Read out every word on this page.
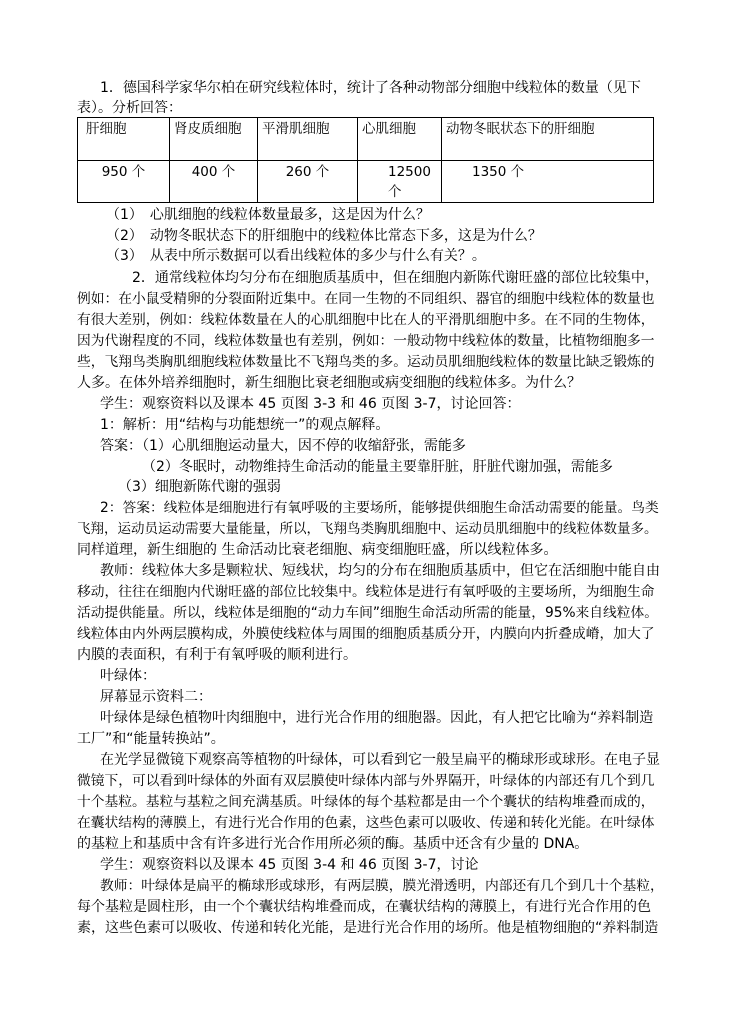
1．德国科学家华尔柏在研究线粒体时，统计了各种动物部分细胞中线粒体的数量（见下
表）。分析回答：
肝细胞	肾皮质细胞	平滑肌细胞	心肌细胞	动物冬眠状态下的肝细胞
950 个	400 个	260 个	12500 个	1350 个
（1）　心肌细胞的线粒体数量最多，这是因为什么？
（2）　动物冬眠状态下的肝细胞中的线粒体比常态下多，这是为什么？
（3）　从表中所示数据可以看出线粒体的多少与什么有关？。
2．通常线粒体均匀分布在细胞质基质中，但在细胞内新陈代谢旺盛的部位比较集中，
例如：在小鼠受精卵的分裂面附近集中。在同一生物的不同组织、器官的细胞中线粒体的数量也
有很大差别，例如：线粒体数量在人的心肌细胞中比在人的平滑肌细胞中多。在不同的生物体，
因为代谢程度的不同，线粒体数量也有差别，例如：一般动物中线粒体的数量，比植物细胞多一
些，飞翔鸟类胸肌细胞线粒体数量比不飞翔鸟类的多。运动员肌细胞线粒体的数量比缺乏锻炼的
人多。在体外培养细胞时，新生细胞比衰老细胞或病变细胞的线粒体多。为什么？
学生：观察资料以及课本 45 页图 3-3 和 46 页图 3-7，讨论回答：
1：解析：用“结构与功能想统一”的观点解释。
答案：（1）心肌细胞运动量大，因不停的收缩舒张，需能多
（2）冬眠时，动物维持生命活动的能量主要靠肝脏，肝脏代谢加强，需能多
（3）细胞新陈代谢的强弱
2：答案：线粒体是细胞进行有氧呼吸的主要场所，能够提供细胞生命活动需要的能量。鸟类
飞翔，运动员运动需要大量能量，所以，飞翔鸟类胸肌细胞中、运动员肌细胞中的线粒体数量多。
同样道理，新生细胞的 生命活动比衰老细胞、病变细胞旺盛，所以线粒体多。
教师：线粒体大多是颗粒状、短线状，均匀的分布在细胞质基质中，但它在活细胞中能自由
移动，往往在细胞内代谢旺盛的部位比较集中。线粒体是进行有氧呼吸的主要场所，为细胞生命
活动提供能量。所以，线粒体是细胞的“动力车间”细胞生命活动所需的能量，95%来自线粒体。
线粒体由内外两层膜构成，外膜使线粒体与周围的细胞质基质分开，内膜向内折叠成嵴，加大了
内膜的表面积，有利于有氧呼吸的顺利进行。
叶绿体：
屏幕显示资料二：
叶绿体是绿色植物叶肉细胞中，进行光合作用的细胞器。因此，有人把它比喻为“养料制造
工厂”和“能量转换站”。
在光学显微镜下观察高等植物的叶绿体，可以看到它一般呈扁平的椭球形或球形。在电子显
微镜下，可以看到叶绿体的外面有双层膜使叶绿体内部与外界隔开，叶绿体的内部还有几个到几
十个基粒。基粒与基粒之间充满基质。叶绿体的每个基粒都是由一个个囊状的结构堆叠而成的，
在囊状结构的薄膜上，有进行光合作用的色素，这些色素可以吸收、传递和转化光能。在叶绿体
的基粒上和基质中含有许多进行光合作用所必须的酶。基质中还含有少量的 DNA。
学生：观察资料以及课本 45 页图 3-4 和 46 页图 3-7，讨论
教师：叶绿体是扁平的椭球形或球形，有两层膜，膜光滑透明，内部还有几个到几十个基粒，
每个基粒是圆柱形，由一个个囊状结构堆叠而成，在囊状结构的薄膜上，有进行光合作用的色
素，这些色素可以吸收、传递和转化光能，是进行光合作用的场所。他是植物细胞的“养料制造
